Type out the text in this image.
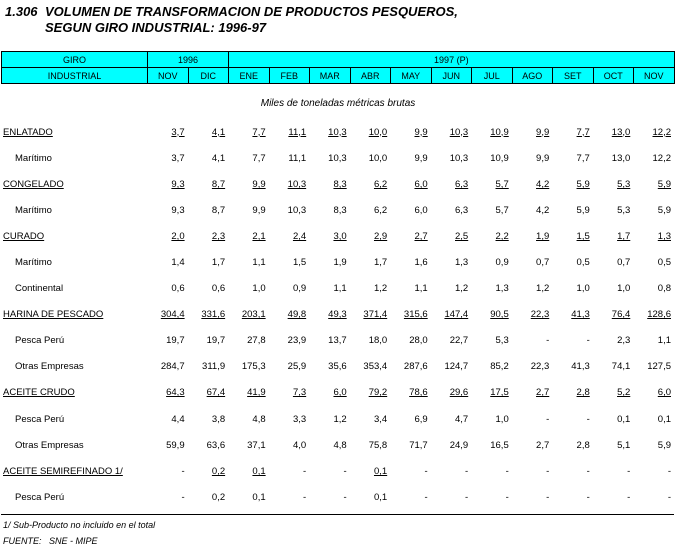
1.306 VOLUMEN DE TRANSFORMACION DE PRODUCTOS PESQUEROS,
SEGUN GIRO INDUSTRIAL: 1996-97
GIRO	1996		1997 (P)										
INDUSTRIAL	NOV	DIC	ENE	FEB	MAR	ABR	MAY	JUN	JUL	AGO	SET	OCT	NOV
Miles de toneladas métricas brutas
ENLATADO	3,7	4,1	7,7	11,1	10,3	10,0	9,9	10,3	10,9	9,9	7,7	13,0	12,2
Marítimo	3,7	4,1	7,7	11,1	10,3	10,0	9,9	10,3	10,9	9,9	7,7	13,0	12,2
CONGELADO	9,3	8,7	9,9	10,3	8,3	6,2	6,0	6,3	5,7	4,2	5,9	5,3	5,9
Marítimo	9,3	8,7	9,9	10,3	8,3	6,2	6,0	6,3	5,7	4,2	5,9	5,3	5,9
CURADO	2,0	2,3	2,1	2,4	3,0	2,9	2,7	2,5	2,2	1,9	1,5	1,7	1,3
Marítimo	1,4	1,7	1,1	1,5	1,9	1,7	1,6	1,3	0,9	0,7	0,5	0,7	0,5
Continental	0,6	0,6	1,0	0,9	1,1	1,2	1,1	1,2	1,3	1,2	1,0	1,0	0,8
HARINA DE PESCADO	304,4	331,6	203,1	49,8	49,3	371,4	315,6	147,4	90,5	22,3	41,3	76,4	128,6
Pesca Perú	19,7	19,7	27,8	23,9	13,7	18,0	28,0	22,7	5,3	-	-	2,3	1,1
Otras Empresas	284,7	311,9	175,3	25,9	35,6	353,4	287,6	124,7	85,2	22,3	41,3	74,1	127,5
ACEITE CRUDO	64,3	67,4	41,9	7,3	6,0	79,2	78,6	29,6	17,5	2,7	2,8	5,2	6,0
Pesca Perú	4,4	3,8	4,8	3,3	1,2	3,4	6,9	4,7	1,0	-	-	0,1	0,1
Otras Empresas	59,9	63,6	37,1	4,0	4,8	75,8	71,7	24,9	16,5	2,7	2,8	5,1	5,9
ACEITE SEMIREFINADO 1/	-	0,2	0,1	-	-	0,1	-	-	-	-	-	-	-
Pesca Perú	-	0,2	0,1	-	-	0,1	-	-	-	-	-	-	-
1/ Sub-Producto no incluido en el total
FUENTE:   SNE - MIPE
